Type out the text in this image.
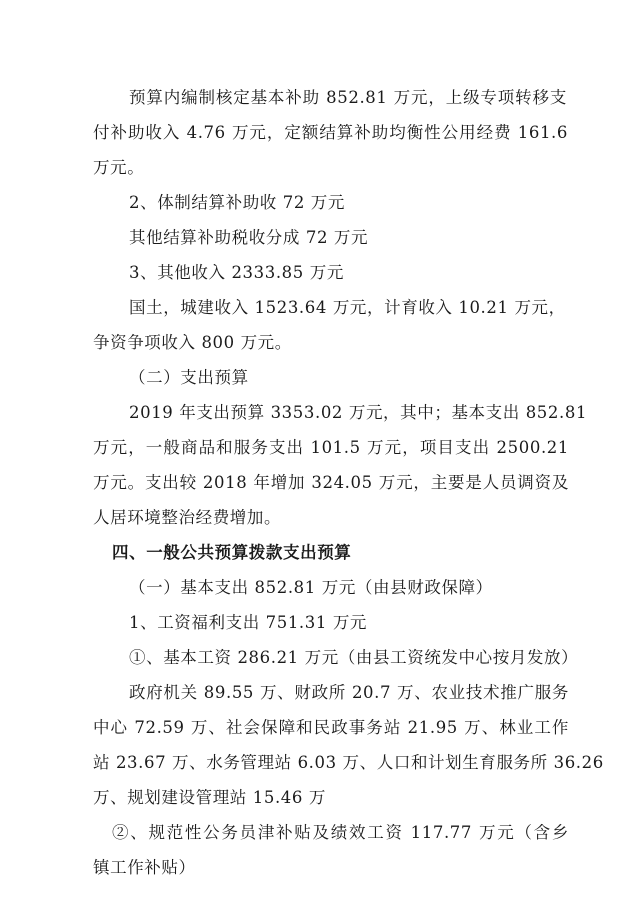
预算内编制核定基本补助 852.81 万元，上级专项转移支
付补助收入 4.76 万元，定额结算补助均衡性公用经费 161.6
万元。
2、体制结算补助收 72 万元
其他结算补助税收分成 72 万元
3、其他收入 2333.85 万元
国土，城建收入 1523.64 万元，计育收入 10.21 万元，
争资争项收入 800 万元。
（二）支出预算
2019 年支出预算 3353.02 万元，其中；基本支出 852.81
万元，一般商品和服务支出 101.5 万元，项目支出 2500.21
万元。支出较 2018 年增加 324.05 万元，主要是人员调资及
人居环境整治经费增加。
四、一般公共预算拨款支出预算
（一）基本支出 852.81 万元（由县财政保障）
1、工资福利支出 751.31 万元
①、基本工资 286.21 万元（由县工资统发中心按月发放）
政府机关 89.55 万、财政所 20.7 万、农业技术推广服务
中心 72.59 万、社会保障和民政事务站 21.95 万、林业工作
站 23.67 万、水务管理站 6.03 万、人口和计划生育服务所 36.26
万、规划建设管理站 15.46 万
②、规范性公务员津补贴及绩效工资 117.77 万元（含乡
镇工作补贴）
